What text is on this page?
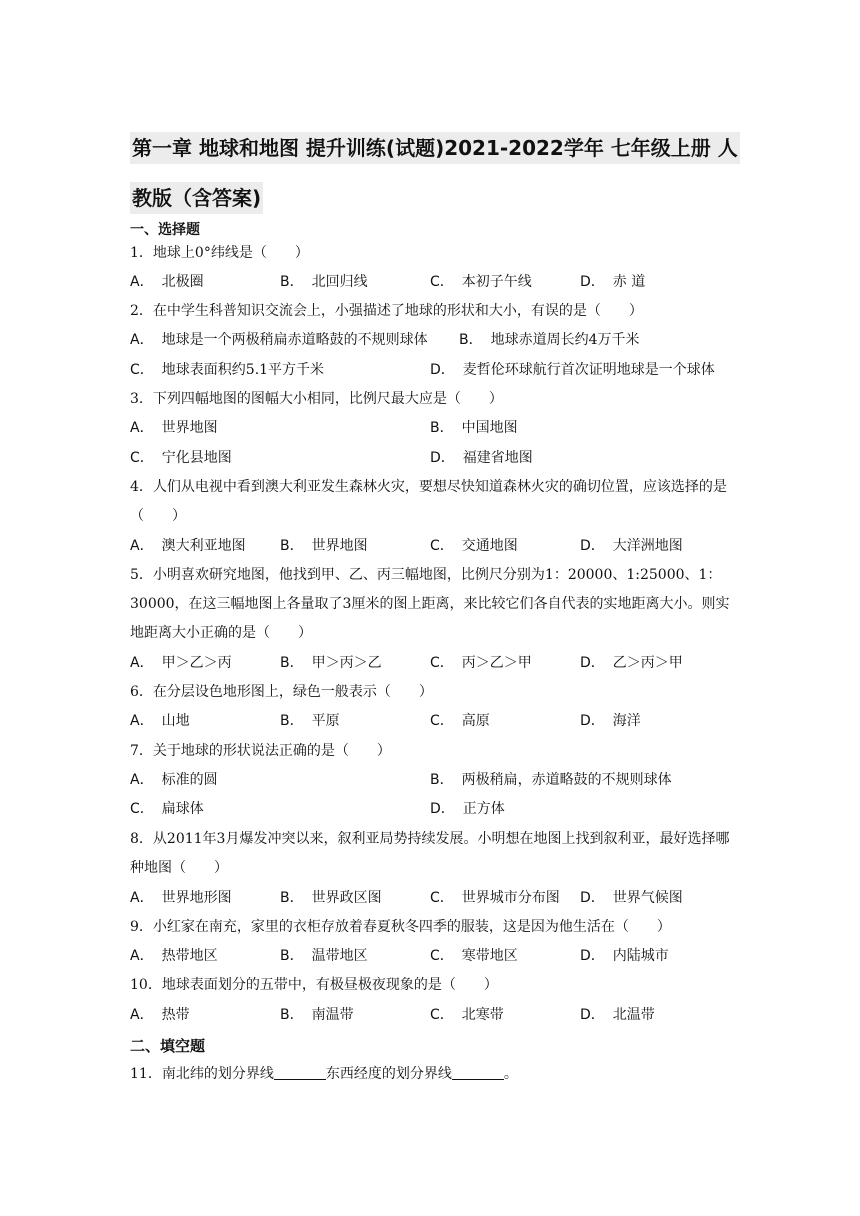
第一章 地球和地图 提升训练(试题)2021-2022学年 七年级上册 人
教版（含答案)
一、选择题
1．地球上0°纬线是（　　）
A． 北极圈	B． 北回归线	C． 本初子午线	D． 赤 道
2．在中学生科普知识交流会上，小强描述了地球的形状和大小，有误的是（　　）
A． 地球是一个两极稍扁赤道略鼓的不规则球体 B． 地球赤道周长约4万千米
C． 地球表面积约5.1平方千米	D． 麦哲伦环球航行首次证明地球是一个球体
3．下列四幅地图的图幅大小相同，比例尺最大应是（　　）
A． 世界地图	B． 中国地图
C． 宁化县地图	D． 福建省地图
4．人们从电视中看到澳大利亚发生森林火灾，要想尽快知道森林火灾的确切位置，应该选择的是（　　）
A． 澳大利亚地图 B． 世界地图	C． 交通地图	D． 大洋洲地图
5．小明喜欢研究地图，他找到甲、乙、丙三幅地图，比例尺分别为1：20000、1:25000、1：30000，在这三幅地图上各量取了3厘米的图上距离，来比较它们各自代表的实地距离大小。则实地距离大小正确的是（　　）
A． 甲＞乙＞丙	B． 甲＞丙＞乙	C． 丙＞乙＞甲	D． 乙＞丙＞甲
6．在分层设色地形图上，绿色一般表示（　　）
A． 山地	B． 平原	C． 高原	D． 海洋
7．关于地球的形状说法正确的是（　　）
A． 标准的圆	B． 两极稍扁，赤道略鼓的不规则球体
C． 扁球体	D． 正方体
8．从2011年3月爆发冲突以来，叙利亚局势持续发展。小明想在地图上找到叙利亚，最好选择哪种地图（　　）
A． 世界地形图	B． 世界政区图	C． 世界城市分布图 D． 世界气候图
9．小红家在南充，家里的衣柜存放着春夏秋冬四季的服装，这是因为他生活在（　　）
A． 热带地区	B． 温带地区	C． 寒带地区	D． 内陆城市
10．地球表面划分的五带中，有极昼极夜现象的是（　　）
A． 热带	B． 南温带	C． 北寒带	D． 北温带
二、填空题
11．南北纬的划分界线	东西经度的划分界线	。
